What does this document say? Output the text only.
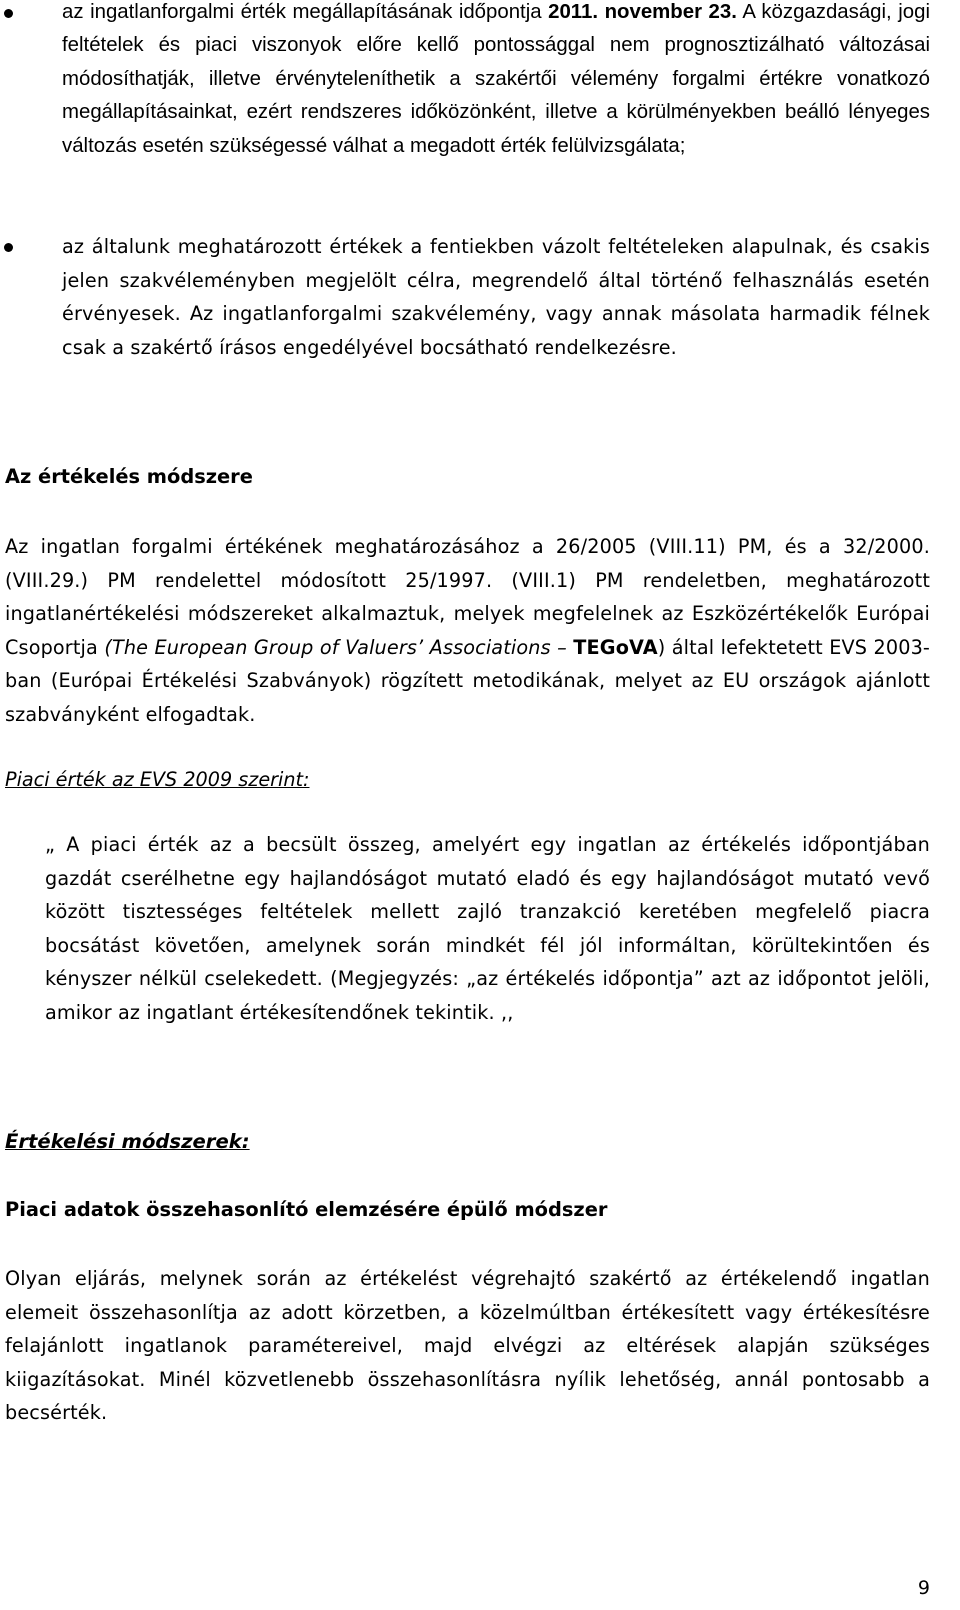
az ingatlanforgalmi érték megállapításának időpontja 2011. november 23. A közgazdasági, jogi feltételek és piaci viszonyok előre kellő pontossággal nem prognosztizálható változásai módosíthatják, illetve érvényteleníthetik a szakértői vélemény forgalmi értékre vonatkozó megállapításainkat, ezért rendszeres időközönként, illetve a körülményekben beálló lényeges változás esetén szükségessé válhat a megadott érték felülvizsgálata;
az általunk meghatározott értékek a fentiekben vázolt feltételeken alapulnak, és csakis jelen szakvéleményben megjelölt célra, megrendelő által történő felhasználás esetén érvényesek. Az ingatlanforgalmi szakvélemény, vagy annak másolata harmadik félnek csak a szakértő írásos engedélyével bocsátható rendelkezésre.
Az értékelés módszere
Az ingatlan forgalmi értékének meghatározásához a 26/2005 (VIII.11) PM, és a 32/2000.(VIII.29.) PM rendelettel módosított 25/1997. (VIII.1) PM rendeletben, meghatározott ingatlanértékelési módszereket alkalmaztuk, melyek megfelelnek az Eszközértékelők Európai Csoportja (The European Group of Valuers’ Associations – TEGoVA) által lefektetett EVS 2003-ban (Európai Értékelési Szabványok) rögzített metodikának, melyet az EU országok ajánlott szabványként elfogadtak.
Piaci érték az EVS 2009 szerint:
„ A piaci érték az a becsült összeg, amelyért egy ingatlan az értékelés időpontjában gazdát cserélhetne egy hajlandóságot mutató eladó és egy hajlandóságot mutató vevő között tisztességes feltételek mellett zajló tranzakció keretében megfelelő piacra bocsátást követően, amelynek során mindkét fél jól informáltan, körültekintően és kényszer nélkül cselekedett. (Megjegyzés: „az értékelés időpontja” azt az időpontot jelöli, amikor az ingatlant értékesítendőnek tekintik. ,,
Értékelési módszerek:
Piaci adatok összehasonlító elemzésére épülő módszer
Olyan eljárás, melynek során az értékelést végrehajtó szakértő az értékelendő ingatlan elemeit összehasonlítja az adott körzetben, a közelmúltban értékesített vagy értékesítésre felajánlott ingatlanok paramétereivel, majd elvégzi az eltérések alapján szükséges kiigazításokat. Minél közvetlenebb összehasonlításra nyílik lehetőség, annál pontosabb a becsérték.
9
